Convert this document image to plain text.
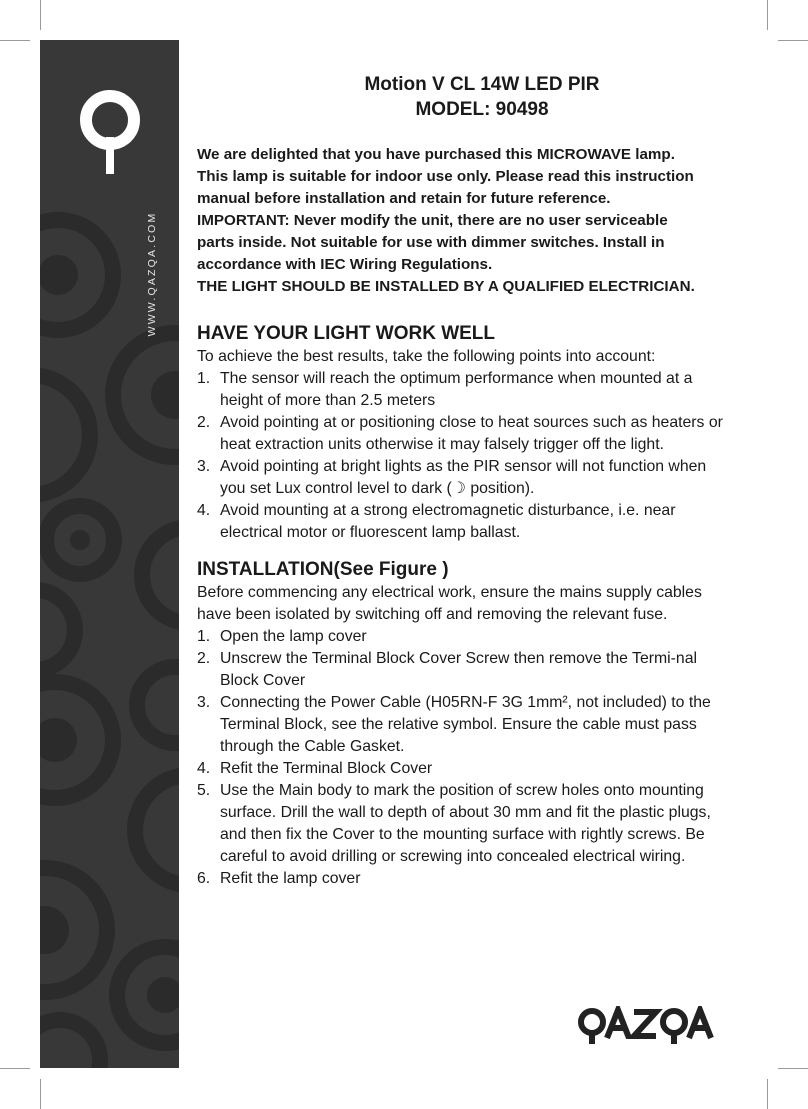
WWW.QAZQA.COM
Motion V CL 14W LED PIR
MODEL: 90498

We are delighted that you have purchased this MICROWAVE lamp.

This lamp is suitable for indoor use only. Please read this instruction

manual before installation and retain for future reference.

IMPORTANT: Never modify the unit, there are no user serviceable

parts inside. Not suitable for use with dimmer switches. Install in

accordance with IEC Wiring Regulations.

THE LIGHT SHOULD BE INSTALLED BY A QUALIFIED ELECTRICIAN.

HAVE YOUR LIGHT WORK WELL

To achieve the best results, take the following points into account:

1. The sensor will reach the optimum performance when mounted at a height of more than 2.5 meters
2. Avoid pointing at or positioning close to heat sources such as heaters or heat extraction units otherwise it may falsely trigger off the light.
3. Avoid pointing at bright lights as the PIR sensor will not function when you set Lux control level to dark (☽ position).
4. Avoid mounting at a strong electromagnetic disturbance, i.e. near electrical motor or fluorescent lamp ballast.
INSTALLATION(See Figure )

Before commencing any electrical work, ensure the mains supply cables have been isolated by switching off and removing the relevant fuse.

1. Open the lamp cover
2. Unscrew the Terminal Block Cover Screw then remove the Termi-nal Block Cover
3. Connecting the Power Cable (H05RN-F 3G 1mm², not included) to the Terminal Block, see the relative symbol. Ensure the cable must pass through the Cable Gasket.
4. Refit the Terminal Block Cover
5. Use the Main body to mark the position of screw holes onto mounting surface. Drill the wall to depth of about 30 mm and fit the plastic plugs, and then fix the Cover to the mounting surface with rightly screws. Be careful to avoid drilling or screwing into concealed electrical wiring.
6. Refit the lamp cover
